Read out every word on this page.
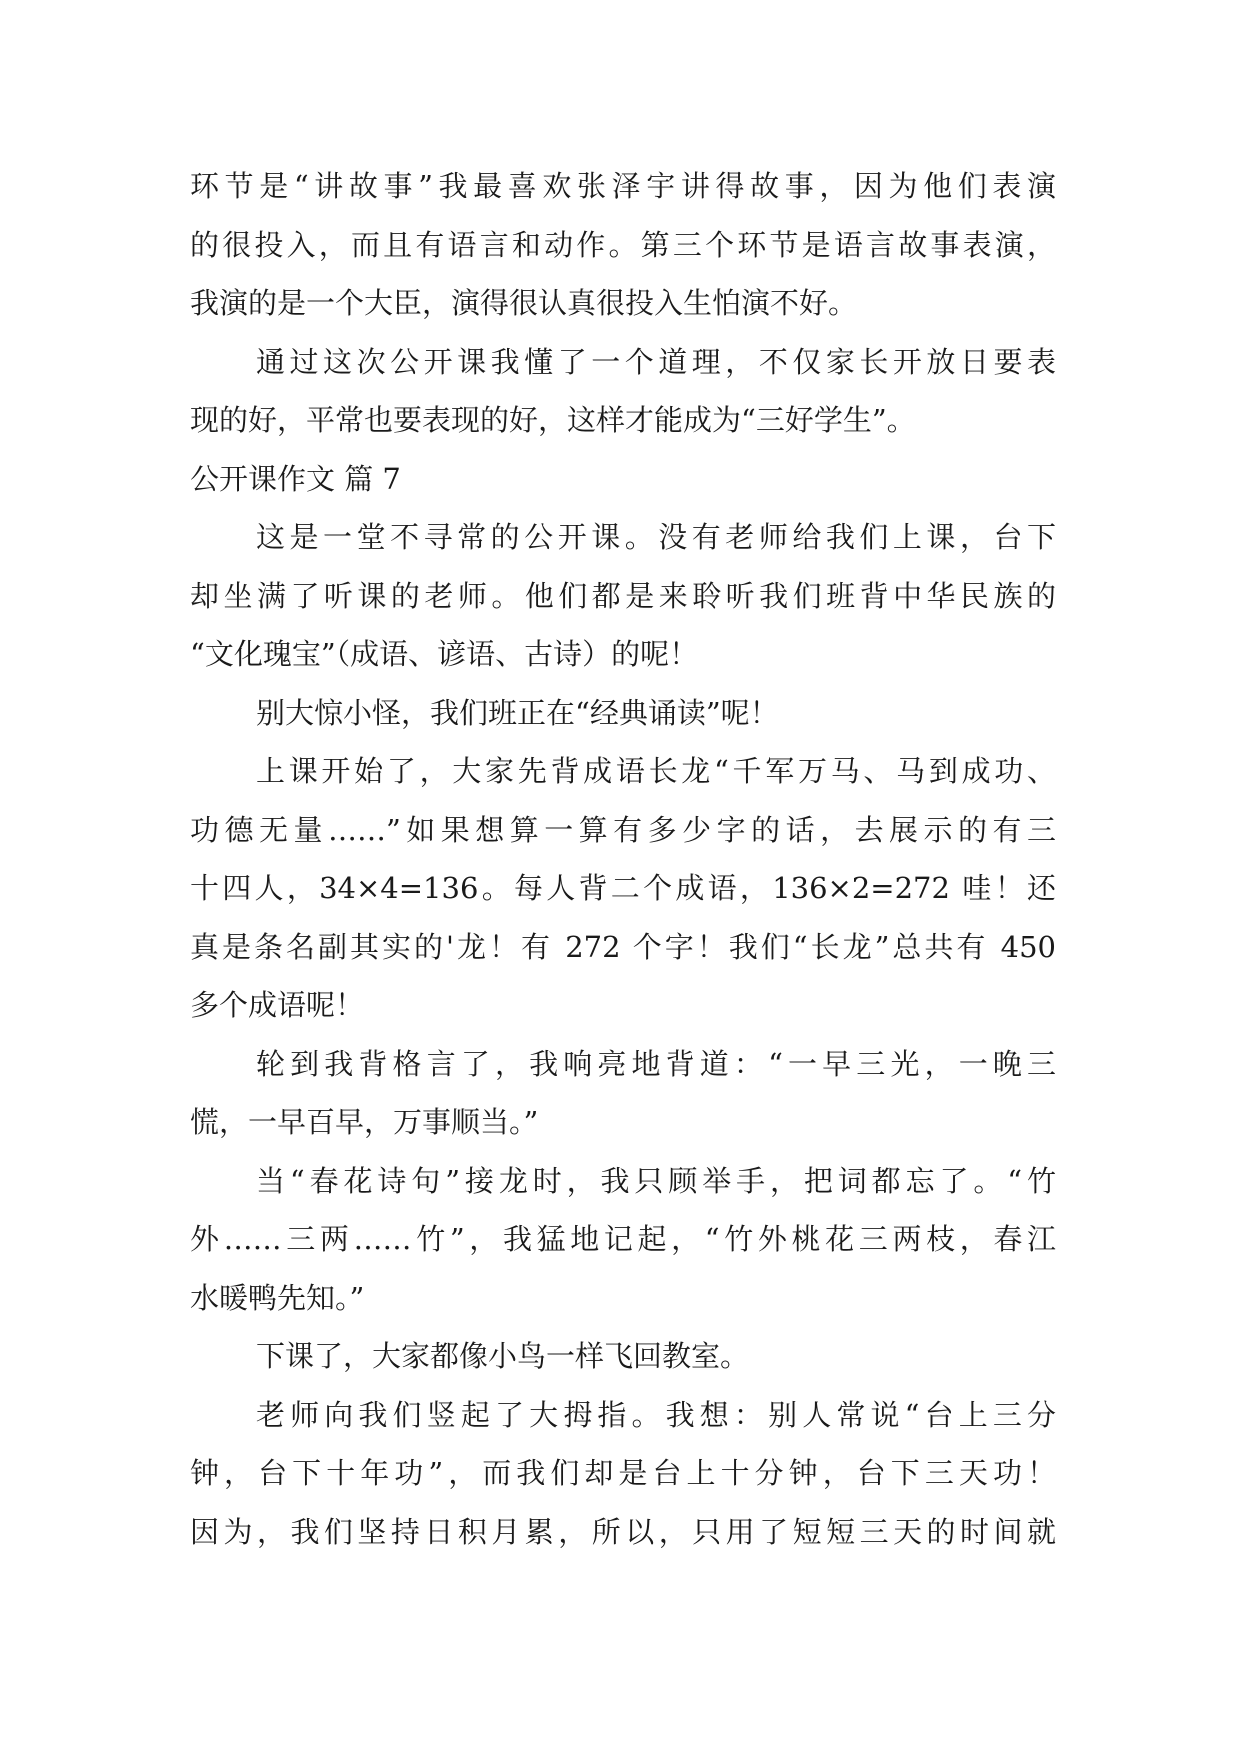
环节是“讲故事”我最喜欢张泽宇讲得故事，因为他们表演
的很投入，而且有语言和动作。第三个环节是语言故事表演，
我演的是一个大臣，演得很认真很投入生怕演不好。
通过这次公开课我懂了一个道理，不仅家长开放日要表
现的好，平常也要表现的好，这样才能成为“三好学生”。
公开课作文 篇 7
这是一堂不寻常的公开课。没有老师给我们上课，台下
却坐满了听课的老师。他们都是来聆听我们班背中华民族的
“文化瑰宝”（成语、谚语、古诗）的呢！
别大惊小怪，我们班正在“经典诵读”呢！
上课开始了，大家先背成语长龙“千军万马、马到成功、
功德无量……”如果想算一算有多少字的话，去展示的有三
十四人，34×4=136。每人背二个成语，136×2=272 哇！还
真是条名副其实的'龙！有 272 个字！我们“长龙”总共有 450
多个成语呢！
轮到我背格言了，我响亮地背道：“一早三光，一晚三
慌，一早百早，万事顺当。”
当“春花诗句”接龙时，我只顾举手，把词都忘了。“竹
外……三两……竹”，我猛地记起，“竹外桃花三两枝，春江
水暖鸭先知。”
下课了，大家都像小鸟一样飞回教室。
老师向我们竖起了大拇指。我想：别人常说“台上三分
钟，台下十年功”，而我们却是台上十分钟，台下三天功！
因为，我们坚持日积月累，所以，只用了短短三天的时间就
